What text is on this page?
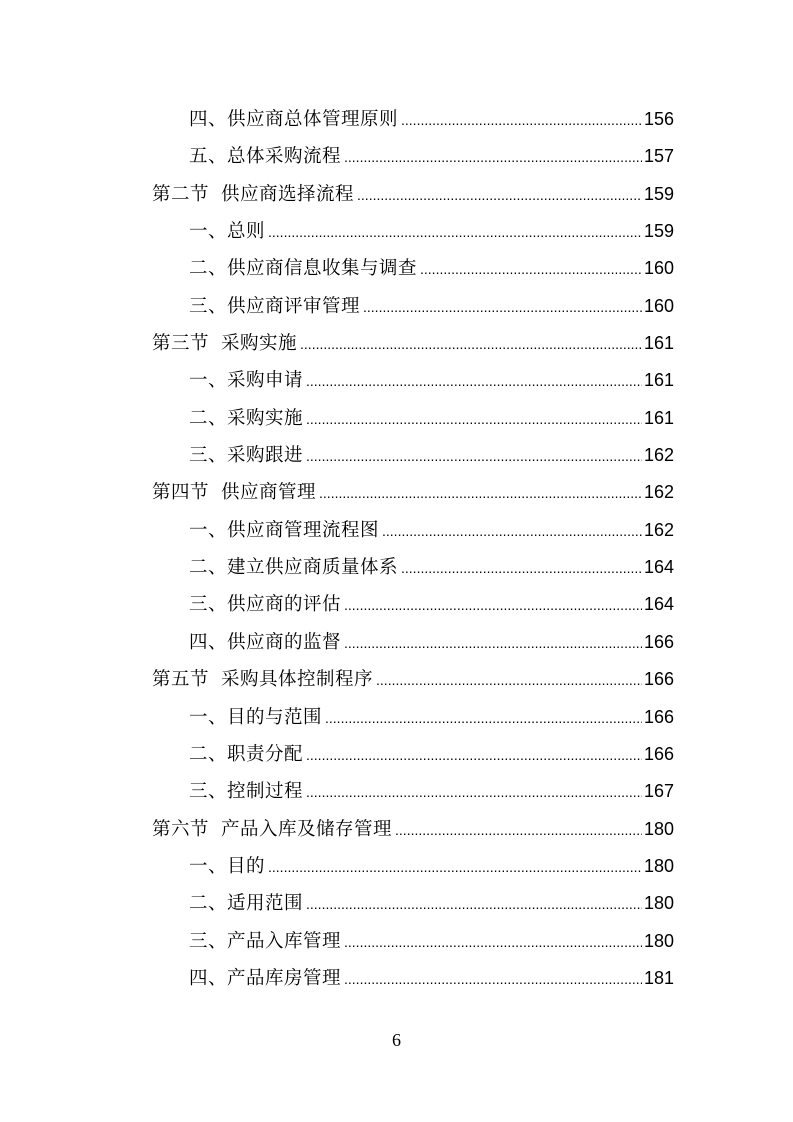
四、供应商总体管理原则 .....	156
五、总体采购流程 .....	157
第二节 供应商选择流程 .....	159
一、总则 .....	159
二、供应商信息收集与调查 .....	160
三、供应商评审管理 .....	160
第三节 采购实施 .....	161
一、采购申请 .....	161
二、采购实施 .....	161
三、采购跟进 .....	162
第四节 供应商管理 .....	162
一、供应商管理流程图 .....	162
二、建立供应商质量体系 .....	164
三、供应商的评估 .....	164
四、供应商的监督 .....	166
第五节 采购具体控制程序 .....	166
一、目的与范围 .....	166
二、职责分配 .....	166
三、控制过程 .....	167
第六节 产品入库及储存管理 .....	180
一、目的 .....	180
二、适用范围 .....	180
三、产品入库管理 .....	180
四、产品库房管理 .....	181
6
